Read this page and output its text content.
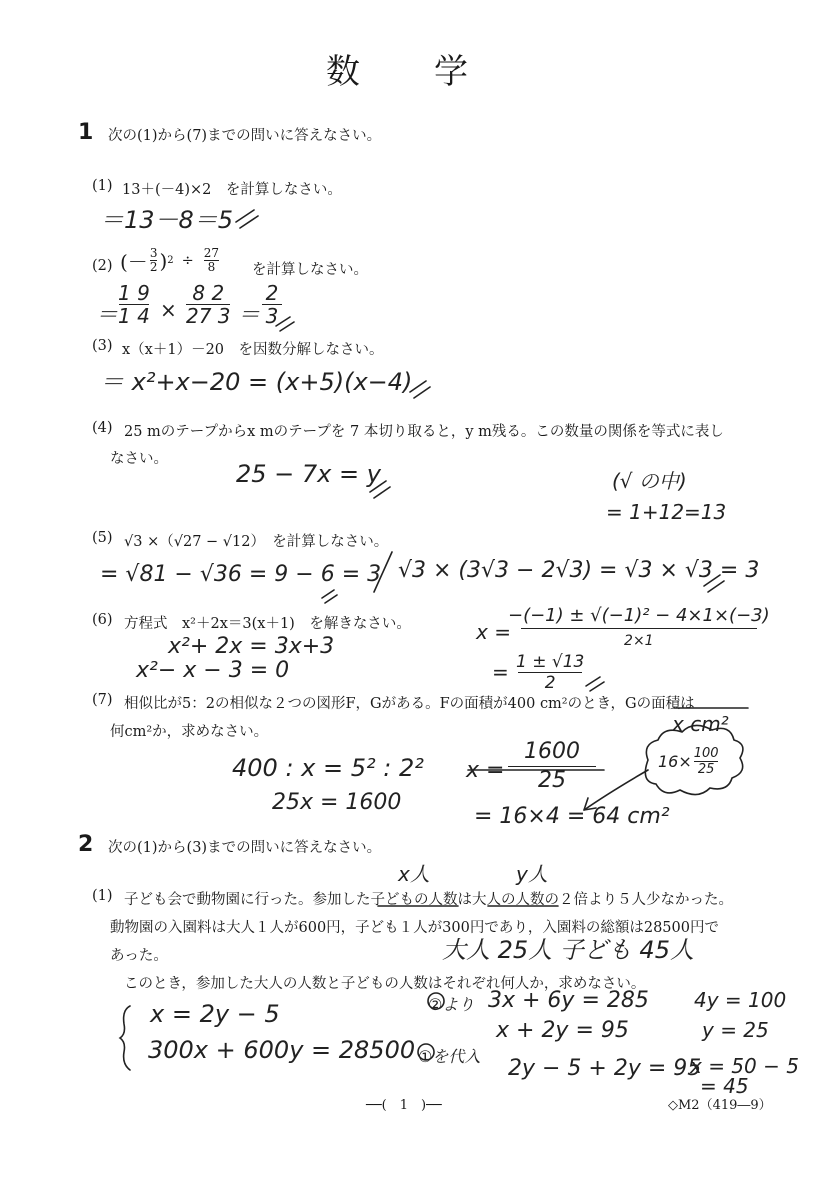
数　　学
1 次の(1)から(7)までの問いに答えなさい。
(1) 13＋(－4)×2　を計算しなさい。
＝13－8＝5
(2) (－ $\frac{3}{2}$ ) $2 \div \frac{27}{8}$ を計算しなさい。
＝
1 9
1 4 ×
8 2
27 3 ＝
2
3
(3) x（x＋1）－20　を因数分解しなさい。
＝ x²+x−20 = (x+5)(x−4)
(4) 25 mのテープからx mのテープを 7 本切り取ると，y m残る。この数量の関係を等式に表し
なさい。
25 − 7x = y	(√ の中)
= 1+12=13
(5) √3 ×（√27 − √12）　を計算しなさい。
= √81 − √36 = 9 − 6 = 3 √3 × (3√3 − 2√3) = √3 × √3 = 3
(6) 方程式　x²＋2x＝3(x＋1)　を解きなさい。
x²+ 2x = 3x+3
x²− x − 3 = 0
x =
−(−1) ± √(−1)² − 4×1×(−3)
2×1
= 1 ± √13
2
(7) 相似比が5：2の相似な２つの図形F，Gがある。Fの面積が400 cm²のとき，Gの面積は
何cm²か，求めなさい。	x cm²
400 : x = 5² : 2²
25x = 1600
x =
1600
25
= 16×4 = 64 cm²
16× 100
25
2 次の(1)から(3)までの問いに答えなさい。
x人	y人
(1) 子ども会で動物園に行った。参加した子どもの人数は大人の人数の２倍より５人少なかった。
動物園の入園料は大人１人が600円，子ども１人が300円であり，入園料の総額は28500円で
あった。	大人 25人 子ども 45人
このとき，参加した大人の人数と子どもの人数はそれぞれ何人か，求めなさい。
x = 2y − 5
300x + 600y = 28500 ①を代入
②より 3x + 6y = 285
x + 2y = 95
2y − 5 + 2y = 95
4y = 100
y = 25
x = 50 − 5
= 45
──(　1　)──	◇M2（419―9）
